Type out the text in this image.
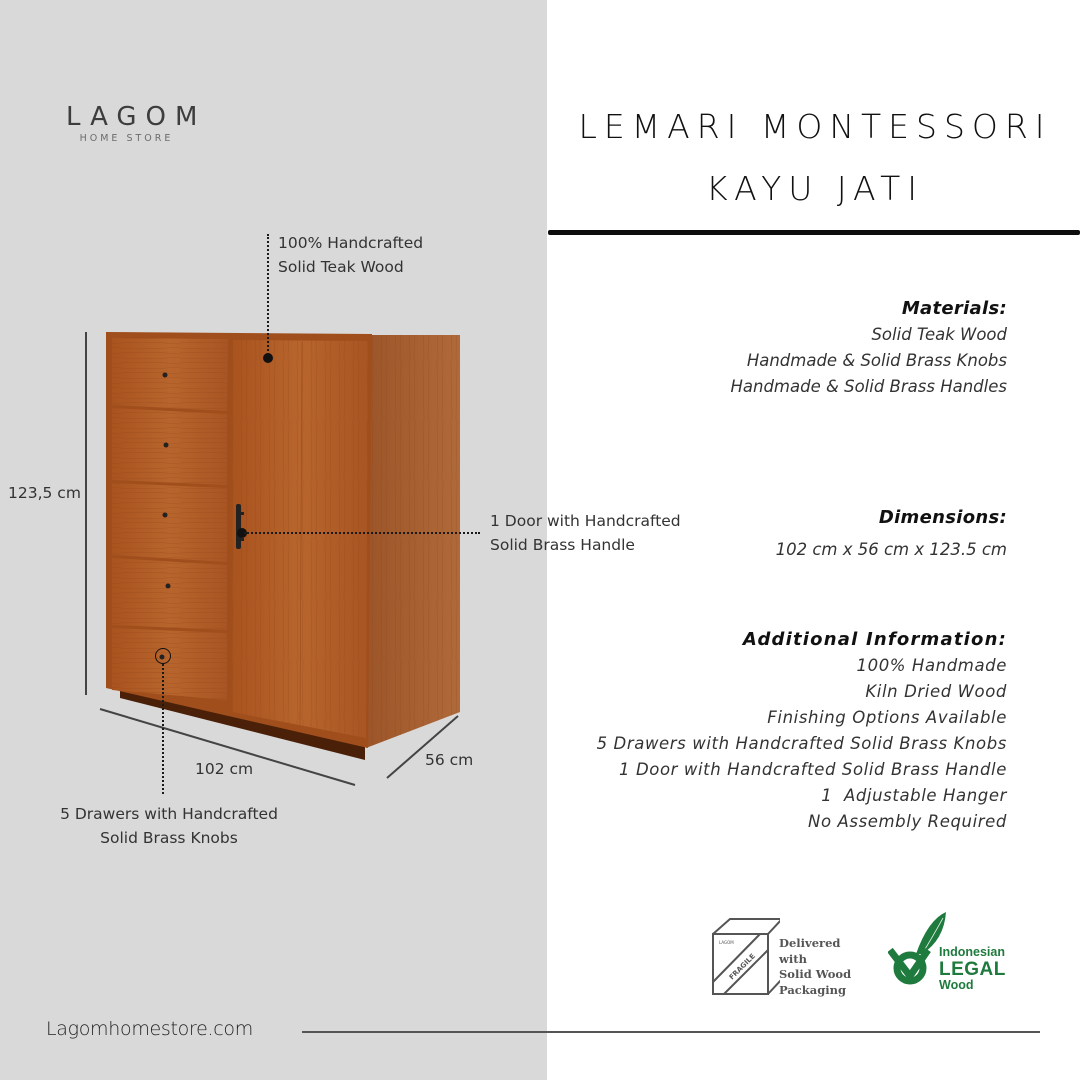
LAGOM
HOME STORE	LEMARI MONTESSORI
KAYU JATI
100% Handcrafted
Solid Teak Wood
1 Door with Handcrafted
Solid Brass Handle
5 Drawers with Handcrafted
Solid Brass Knobs
123,5 cm
102 cm	56 cm
Materials:
Solid Teak Wood
Handmade & Solid Brass Knobs
Handmade & Solid Brass Handles
Dimensions:
102 cm x 56 cm x 123.5 cm
Additional Information:
100% Handmade
Kiln Dried Wood
Finishing Options Available
5 Drawers with Handcrafted Solid Brass Knobs
1 Door with Handcrafted Solid Brass Handle
1  Adjustable Hanger
No Assembly Required
LAGOM
FRAGILE
Delivered with
Solid Wood
Packaging
Indonesian
LEGAL
Wood
Lagomhomestore.com
